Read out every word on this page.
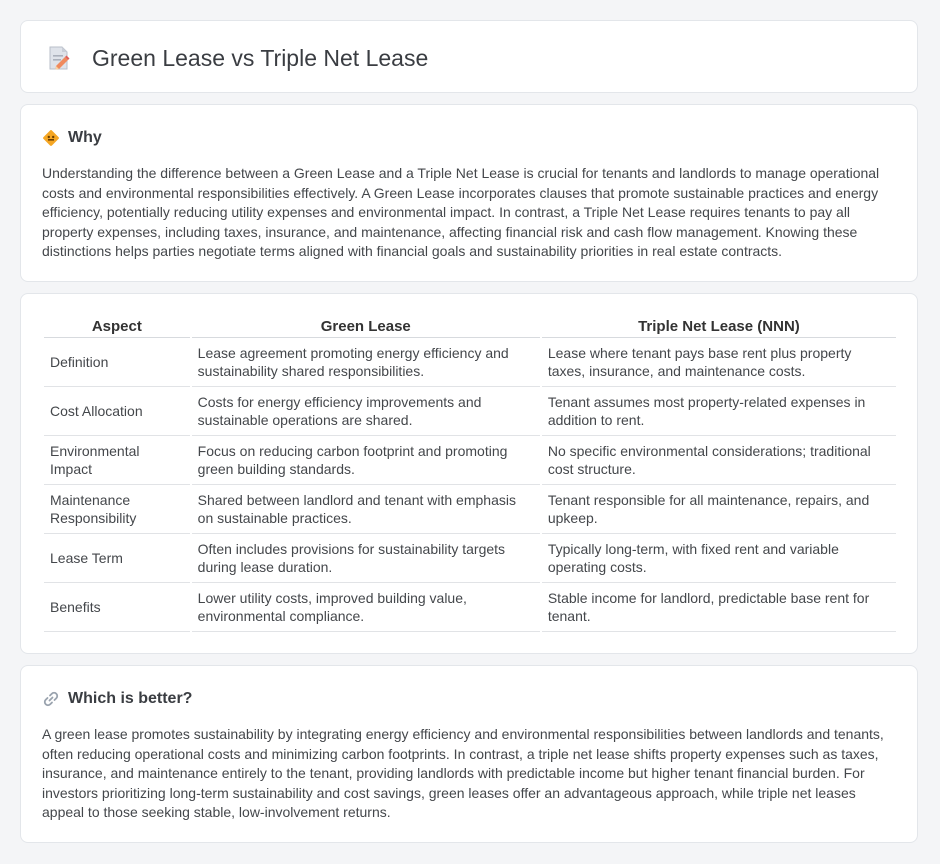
Green Lease vs Triple Net Lease
Why

Understanding the difference between a Green Lease and a Triple Net Lease is crucial for tenants and landlords to manage operational costs and environmental responsibilities effectively. A Green Lease incorporates clauses that promote sustainable practices and energy efficiency, potentially reducing utility expenses and environmental impact. In contrast, a Triple Net Lease requires tenants to pay all property expenses, including taxes, insurance, and maintenance, affecting financial risk and cash flow management. Knowing these distinctions helps parties negotiate terms aligned with financial goals and sustainability priorities in real estate contracts.

Aspect	Green Lease	Triple Net Lease (NNN)
Definition	Lease agreement promoting energy efficiency and sustainability shared responsibilities.	Lease where tenant pays base rent plus property taxes, insurance, and maintenance costs.
Cost Allocation	Costs for energy efficiency improvements and sustainable operations are shared.	Tenant assumes most property-related expenses in addition to rent.
Environmental Impact	Focus on reducing carbon footprint and promoting green building standards.	No specific environmental considerations; traditional cost structure.
Maintenance Responsibility	Shared between landlord and tenant with emphasis on sustainable practices.	Tenant responsible for all maintenance, repairs, and upkeep.
Lease Term	Often includes provisions for sustainability targets during lease duration.	Typically long-term, with fixed rent and variable operating costs.
Benefits	Lower utility costs, improved building value, environmental compliance.	Stable income for landlord, predictable base rent for tenant.
Which is better?

A green lease promotes sustainability by integrating energy efficiency and environmental responsibilities between landlords and tenants, often reducing operational costs and minimizing carbon footprints. In contrast, a triple net lease shifts property expenses such as taxes, insurance, and maintenance entirely to the tenant, providing landlords with predictable income but higher tenant financial burden. For investors prioritizing long-term sustainability and cost savings, green leases offer an advantageous approach, while triple net leases appeal to those seeking stable, low-involvement returns.
